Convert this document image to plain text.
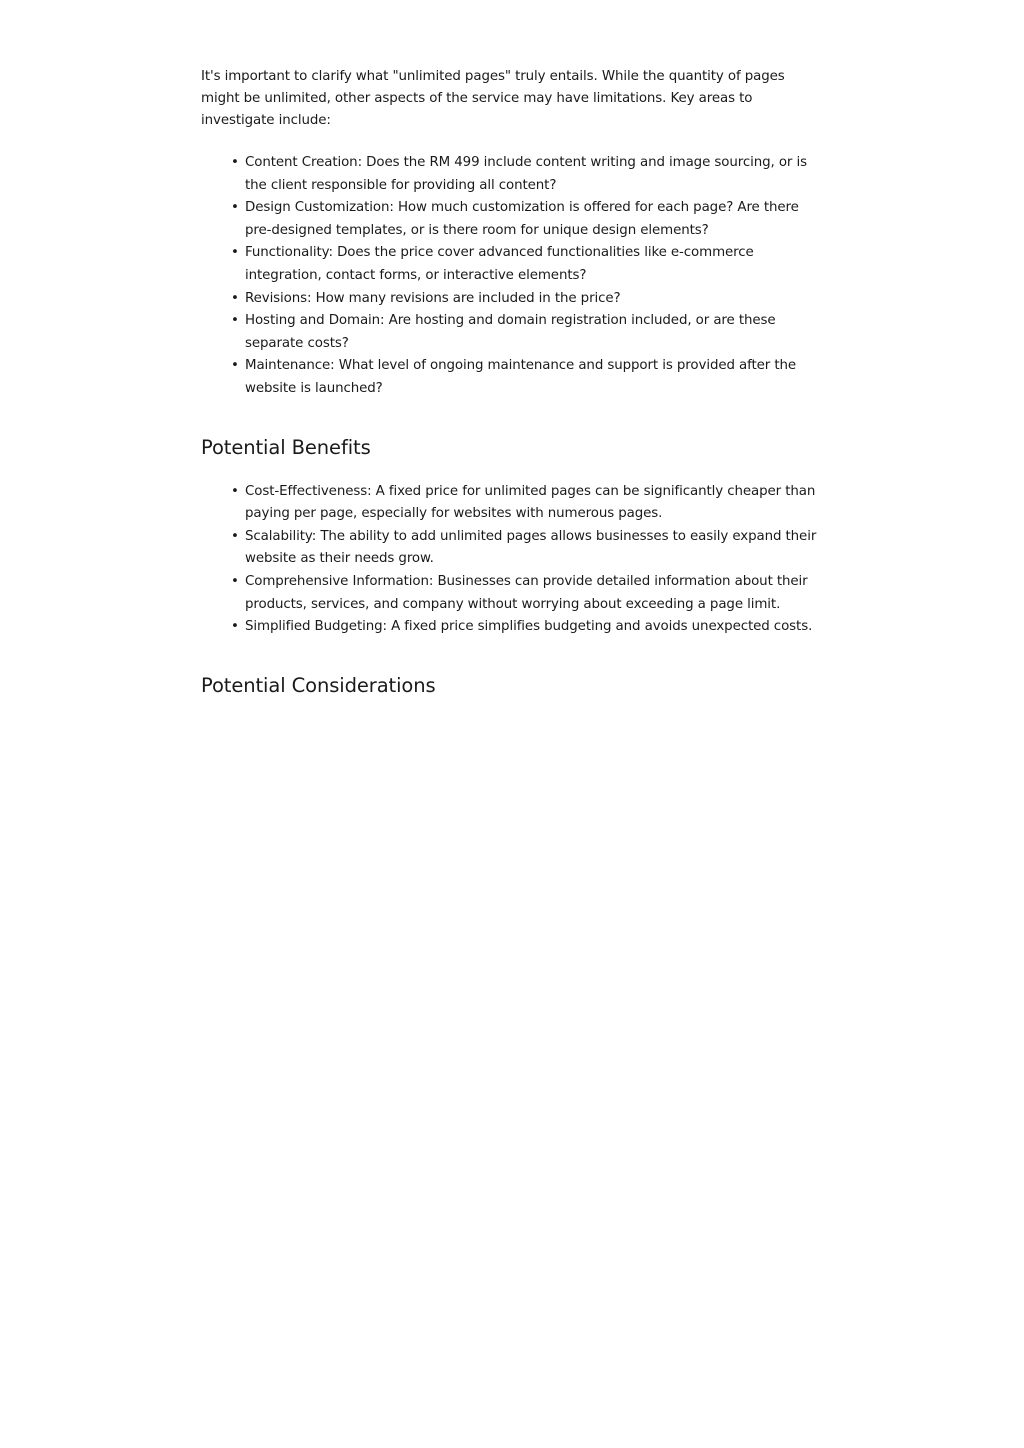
It's important to clarify what "unlimited pages" truly entails. While the quantity of pages might be unlimited, other aspects of the service may have limitations. Key areas to investigate include:

• Content Creation: Does the RM 499 include content writing and image sourcing, or is the client responsible for providing all content?
• Design Customization: How much customization is offered for each page? Are there pre-designed templates, or is there room for unique design elements?
• Functionality: Does the price cover advanced functionalities like e-commerce integration, contact forms, or interactive elements?
• Revisions: How many revisions are included in the price?
• Hosting and Domain: Are hosting and domain registration included, or are these separate costs?
• Maintenance: What level of ongoing maintenance and support is provided after the website is launched?
Potential Benefits
• Cost-Effectiveness: A fixed price for unlimited pages can be significantly cheaper than paying per page, especially for websites with numerous pages.
• Scalability: The ability to add unlimited pages allows businesses to easily expand their website as their needs grow.
• Comprehensive Information: Businesses can provide detailed information about their products, services, and company without worrying about exceeding a page limit.
• Simplified Budgeting: A fixed price simplifies budgeting and avoids unexpected costs.
Potential Considerations
